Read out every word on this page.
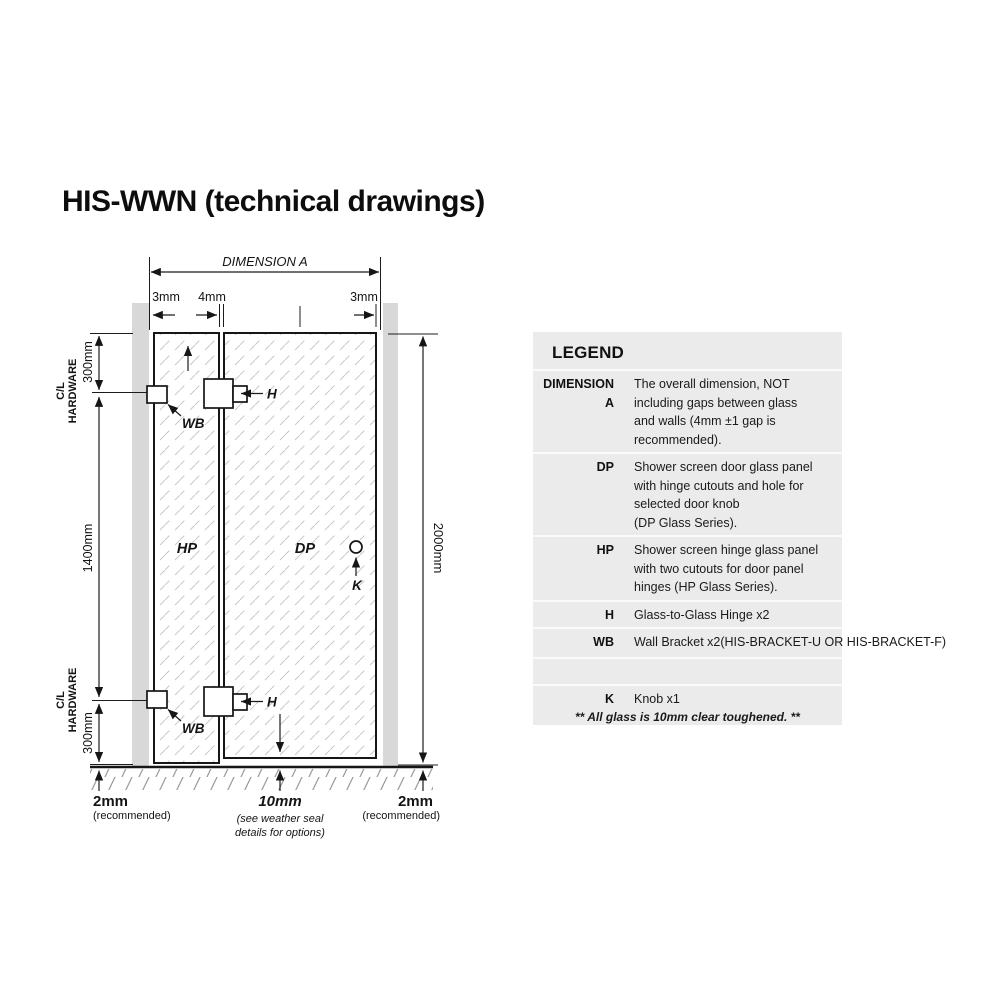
HIS-WWN (technical drawings)
DIMENSION A
3mm 4mm	3mm
300mm
1400mm
300mm
C/L HARDWARE
C/L HARDWARE
2mm
(recommended)
2000mm
2mm
(recommended)
10mm
(see weather seal
details for options)
HP	DP
K
H
WB
H
WB
LEGEND
DIMENSION A
The overall dimension, NOT
including gaps between glass
and walls (4mm ±1 gap is
recommended).
DP Shower screen door glass panel
with hinge cutouts and hole for
selected door knob
(DP Glass Series).
HP Shower screen hinge glass panel
with two cutouts for door panel
hinges (HP Glass Series).
H Glass-to-Glass Hinge x2
WB Wall Bracket x2(HIS-BRACKET-U OR HIS-BRACKET-F)
K Knob x1
** All glass is 10mm clear toughened. **
